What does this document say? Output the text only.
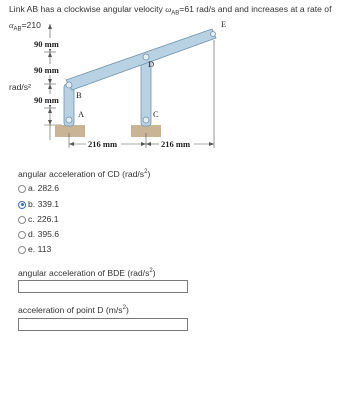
Link AB has a clockwise angular velocity $\omega_{AB}=61$ rad/s and and increases at a rate of $\alpha_{AB}=210$
rad/s²
90 mm
90 mm
90 mm
A
B
C
D
E
216 mm	216 mm
angular acceleration of CD $(rad/s^2)$
a.
282.6
b.
339.1
c.
226.1
d.
395.6
e.
113
angular acceleration of BDE $(rad/s^2)$
acceleration of point D $(m/s^2)$
